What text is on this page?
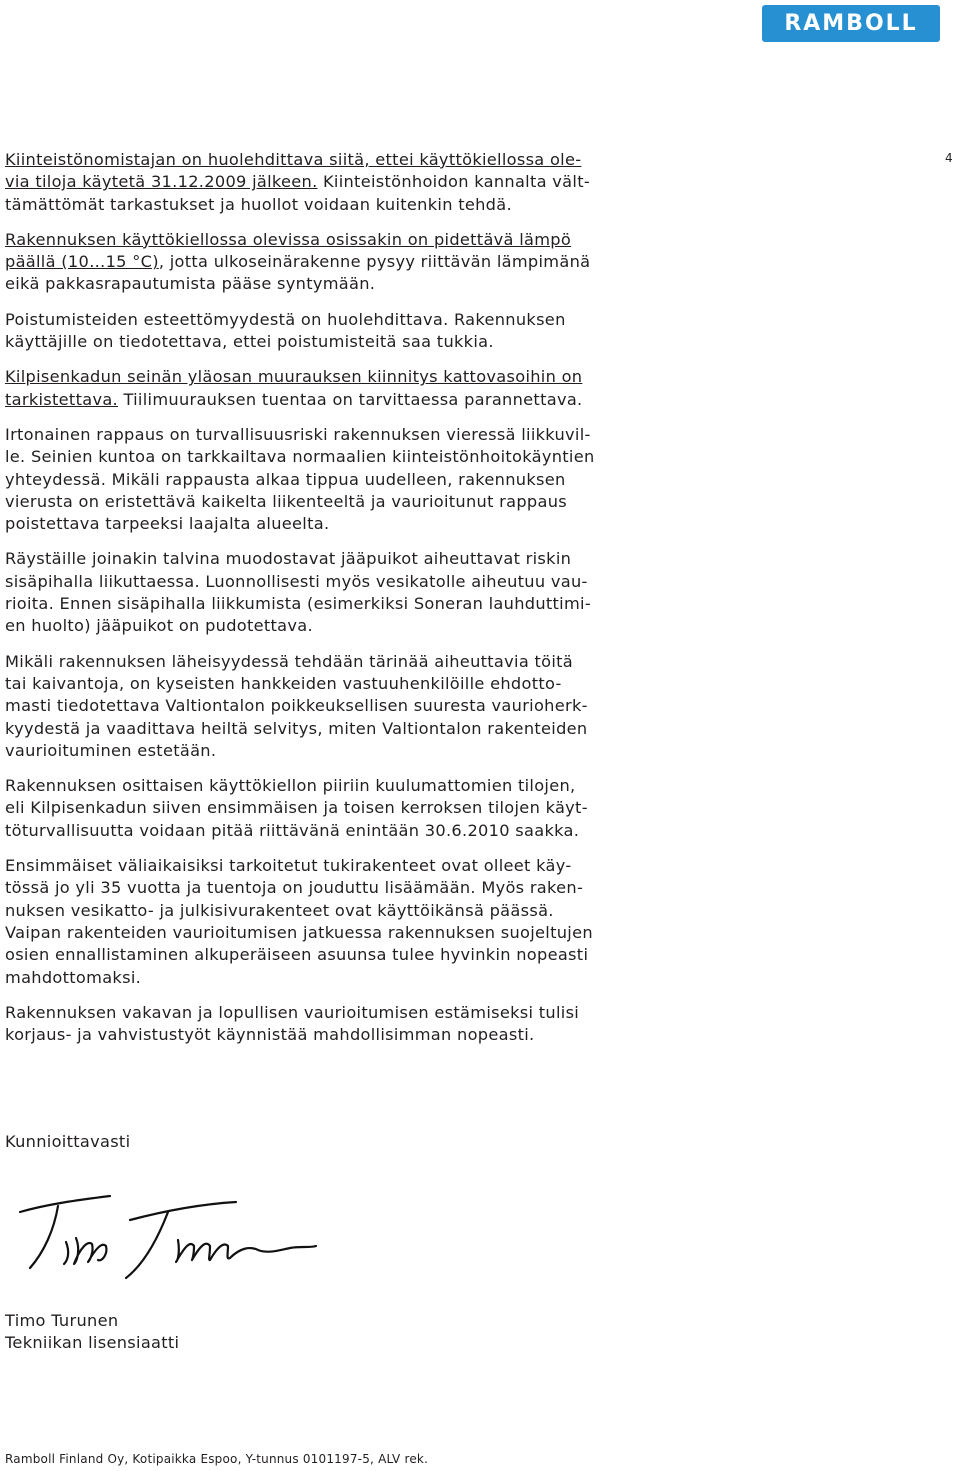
RAMBOLL
4

Kiinteistönomistajan on huolehdittava siitä, ettei käyttökiellossa ole-
via tiloja käytetä 31.12.2009 jälkeen. Kiinteistönhoidon kannalta vält-
tämättömät tarkastukset ja huollot voidaan kuitenkin tehdä.

Rakennuksen käyttökiellossa olevissa osissakin on pidettävä lämpö
päällä (10…15 °C), jotta ulkoseinärakenne pysyy riittävän lämpimänä
eikä pakkasrapautumista pääse syntymään.

Poistumisteiden esteettömyydestä on huolehdittava. Rakennuksen
käyttäjille on tiedotettava, ettei poistumisteitä saa tukkia.

Kilpisenkadun seinän yläosan muurauksen kiinnitys kattovasoihin on
tarkistettava. Tiilimuurauksen tuentaa on tarvittaessa parannettava.

Irtonainen rappaus on turvallisuusriski rakennuksen vieressä liikkuvil-
le. Seinien kuntoa on tarkkailtava normaalien kiinteistönhoitokäyntien
yhteydessä. Mikäli rappausta alkaa tippua uudelleen, rakennuksen
vierusta on eristettävä kaikelta liikenteeltä ja vaurioitunut rappaus
poistettava tarpeeksi laajalta alueelta.

Räystäille joinakin talvina muodostavat jääpuikot aiheuttavat riskin
sisäpihalla liikuttaessa. Luonnollisesti myös vesikatolle aiheutuu vau-
rioita. Ennen sisäpihalla liikkumista (esimerkiksi Soneran lauhduttimi-
en huolto) jääpuikot on pudotettava.

Mikäli rakennuksen läheisyydessä tehdään tärinää aiheuttavia töitä
tai kaivantoja, on kyseisten hankkeiden vastuuhenkilöille ehdotto-
masti tiedotettava Valtiontalon poikkeuksellisen suuresta vaurioherk-
kyydestä ja vaadittava heiltä selvitys, miten Valtiontalon rakenteiden
vaurioituminen estetään.

Rakennuksen osittaisen käyttökiellon piiriin kuulumattomien tilojen,
eli Kilpisenkadun siiven ensimmäisen ja toisen kerroksen tilojen käyt-
töturvallisuutta voidaan pitää riittävänä enintään 30.6.2010 saakka.

Ensimmäiset väliaikaisiksi tarkoitetut tukirakenteet ovat olleet käy-
tössä jo yli 35 vuotta ja tuentoja on jouduttu lisäämään. Myös raken-
nuksen vesikatto- ja julkisivurakenteet ovat käyttöikänsä päässä.
Vaipan rakenteiden vaurioitumisen jatkuessa rakennuksen suojeltujen
osien ennallistaminen alkuperäiseen asuunsa tulee hyvinkin nopeasti
mahdottomaksi.

Rakennuksen vakavan ja lopullisen vaurioitumisen estämiseksi tulisi
korjaus- ja vahvistustyöt käynnistää mahdollisimman nopeasti.

Kunnioittavasti
Timo Turunen
Tekniikan lisensiaatti
Ramboll Finland Oy, Kotipaikka Espoo, Y-tunnus 0101197-5, ALV rek.
